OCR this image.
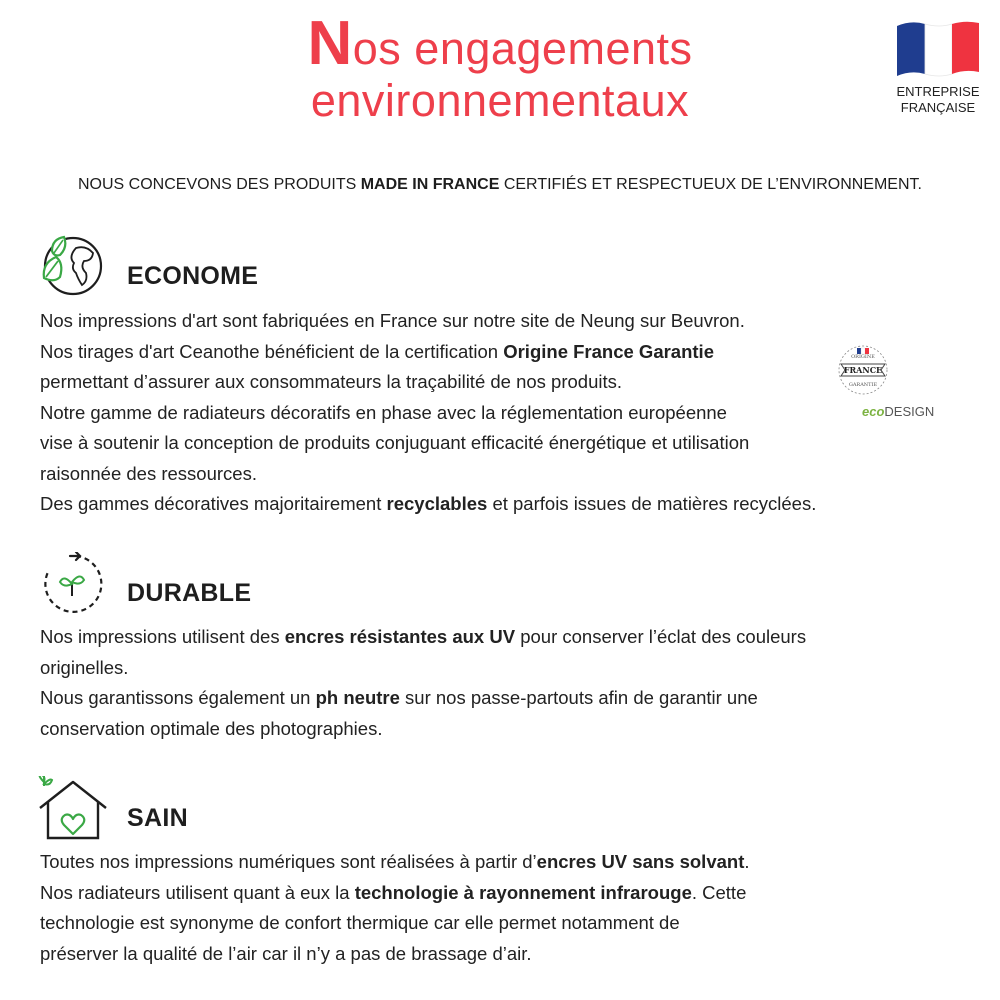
Nos engagements
environnementaux	ENTREPRISE
FRANÇAISE

NOUS CONCEVONS DES PRODUITS MADE IN FRANCE CERTIFIÉS ET RESPECTUEUX DE L’ENVIRONNEMENT.

ECONOME
Nos impressions d'art sont fabriquées en France sur notre site de Neung sur Beuvron.
Nos tirages d'art Ceanothe bénéficient de la certification Origine France Garantie
permettant d’assurer aux consommateurs la traçabilité de nos produits.
Notre gamme de radiateurs décoratifs en phase avec la réglementation européenne
vise à soutenir la conception de produits conjuguant efficacité énergétique et utilisation
raisonnée des ressources.
Des gammes décoratives majoritairement recyclables et parfois issues de matières recyclées.
ORIGINE
FRANCE
GARANTIE
ecoDESIGN
DURABLE
Nos impressions utilisent des encres résistantes aux UV pour conserver l’éclat des couleurs
originelles.
Nous garantissons également un ph neutre sur nos passe-partouts afin de garantir une
conservation optimale des photographies.
SAIN
Toutes nos impressions numériques sont réalisées à partir d’encres UV sans solvant.
Nos radiateurs utilisent quant à eux la technologie à rayonnement infrarouge. Cette
technologie est synonyme de confort thermique car elle permet notamment de
préserver la qualité de l’air car il n’y a pas de brassage d’air.
